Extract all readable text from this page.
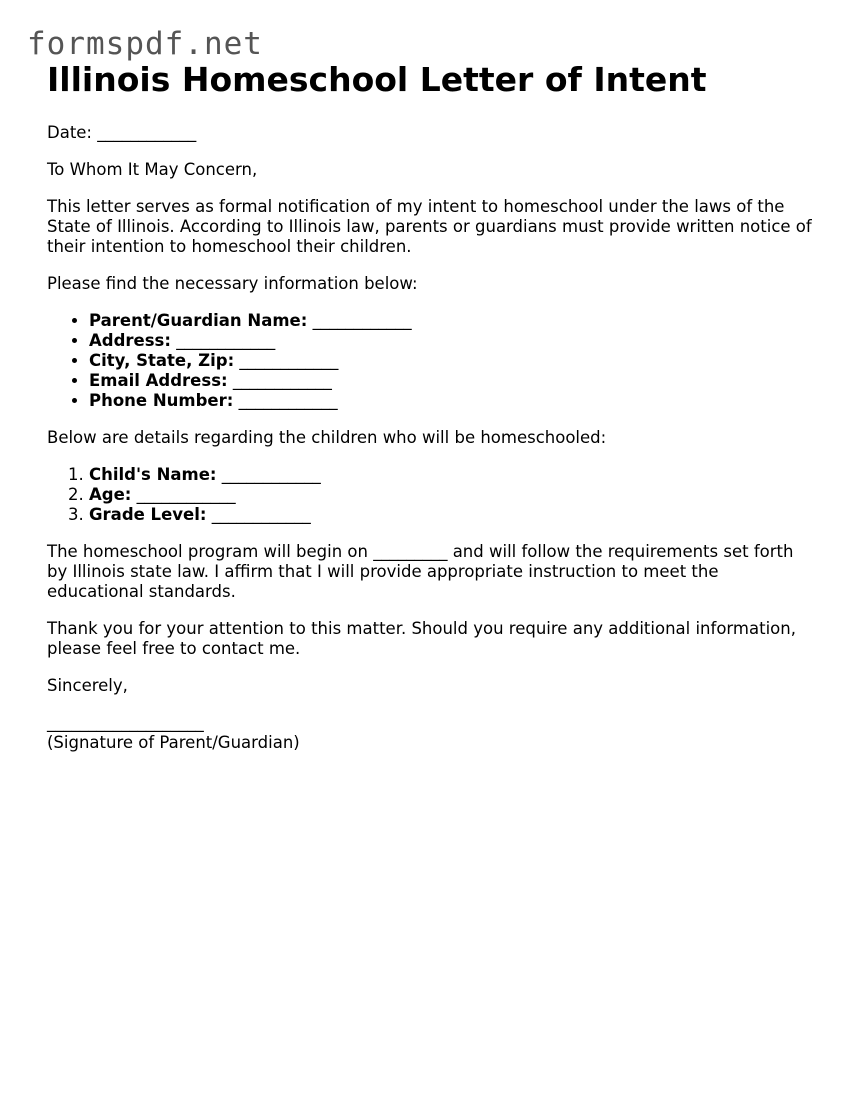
formspdf.net
Illinois Homeschool Letter of Intent

Date: ____________

To Whom It May Concern,

This letter serves as formal notification of my intent to homeschool under the laws of the State of Illinois. According to Illinois law, parents or guardians must provide written notice of their intention to homeschool their children.

Please find the necessary information below:

• Parent/Guardian Name: ____________
• Address: ____________
• City, State, Zip: ____________
• Email Address: ____________
• Phone Number: ____________

Below are details regarding the children who will be homeschooled:

1. Child's Name: ____________
2. Age: ____________
3. Grade Level: ____________

The homeschool program will begin on _________ and will follow the requirements set forth by Illinois state law. I affirm that I will provide appropriate instruction to meet the educational standards.

Thank you for your attention to this matter. Should you require any additional information, please feel free to contact me.

Sincerely,

___________________

(Signature of Parent/Guardian)
